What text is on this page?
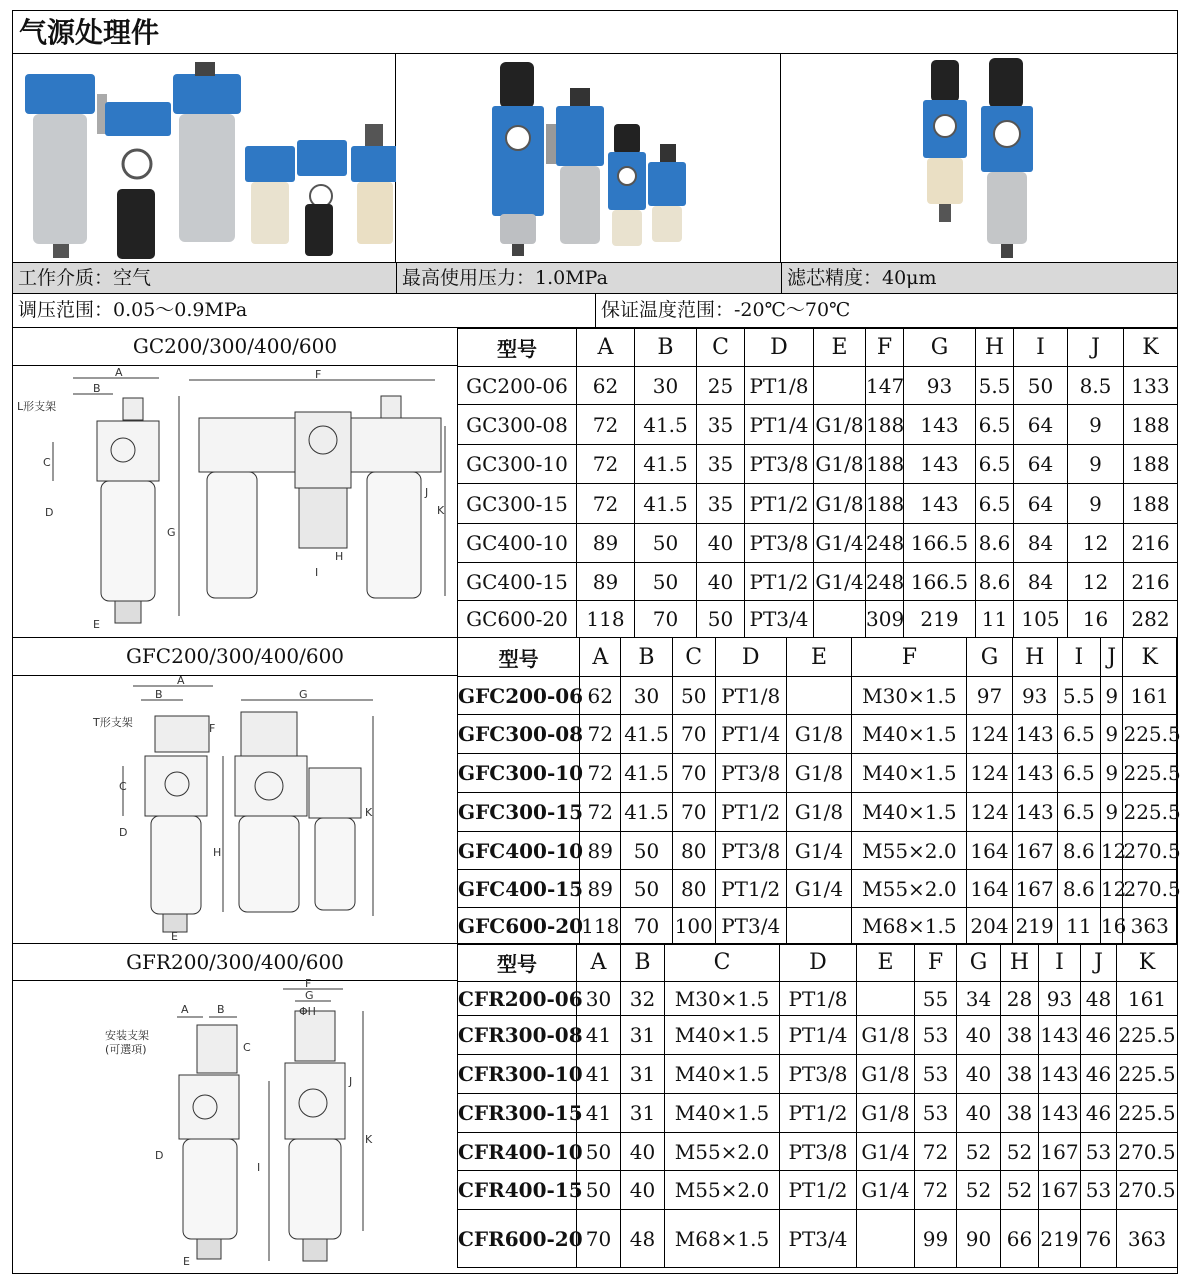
气源处理件
工作介质：空气	最高使用压力：1.0MPa	滤芯精度：40μm
调压范围：0.05～0.9MPa	保证温度范围：-20℃～70℃
GC200/300/400/600
A
B
C
D
E
F
G
H
I
J
K
L形支架
型号	A	B	C	D	E	F	G	H	I	J	K
GC200-06	62	30	25	PT1/8		147	93	5.5	50	8.5	133
GC300-08	72	41.5	35	PT1/4	G1/8	188	143	6.5	64	9	188
GC300-10	72	41.5	35	PT3/8	G1/8	188	143	6.5	64	9	188
GC300-15	72	41.5	35	PT1/2	G1/8	188	143	6.5	64	9	188
GC400-10	89	50	40	PT3/8	G1/4	248	166.5	8.6	84	12	216
GC400-15	89	50	40	PT1/2	G1/4	248	166.5	8.6	84	12	216
GC600-20	118	70	50	PT3/4		309	219	11	105	16	282
GFC200/300/400/600
A
B
C
D
E
F
G
H
K
T形支架
型号	A	B	C	D	E	F	G	H	I	J	K
GFC200-06	62	30	50	PT1/8		M30×1.5	97	93	5.5	9	161
GFC300-08	72	41.5	70	PT1/4	G1/8	M40×1.5	124	143	6.5	9	225.5
GFC300-10	72	41.5	70	PT3/8	G1/8	M40×1.5	124	143	6.5	9	225.5
GFC300-15	72	41.5	70	PT1/2	G1/8	M40×1.5	124	143	6.5	9	225.5
GFC400-10	89	50	80	PT3/8	G1/4	M55×2.0	164	167	8.6	12	270.5
GFC400-15	89	50	80	PT1/2	G1/4	M55×2.0	164	167	8.6	12	270.5
GFC600-20	118	70	100	PT3/4		M68×1.5	204	219	11	16	363
GFR200/300/400/600
A	B
C
D
E
F
G
ΦH
I
J
K
安装支架
(可選項)
型号	A	B	C	D	E	F	G	H	I	J	K
CFR200-06	30	32	M30×1.5	PT1/8		55	34	28	93	48	161
CFR300-08	41	31	M40×1.5	PT1/4	G1/8	53	40	38	143	46	225.5
CFR300-10	41	31	M40×1.5	PT3/8	G1/8	53	40	38	143	46	225.5
CFR300-15	41	31	M40×1.5	PT1/2	G1/8	53	40	38	143	46	225.5
CFR400-10	50	40	M55×2.0	PT3/8	G1/4	72	52	52	167	53	270.5
CFR400-15	50	40	M55×2.0	PT1/2	G1/4	72	52	52	167	53	270.5
CFR600-20	70	48	M68×1.5	PT3/4		99	90	66	219	76	363
